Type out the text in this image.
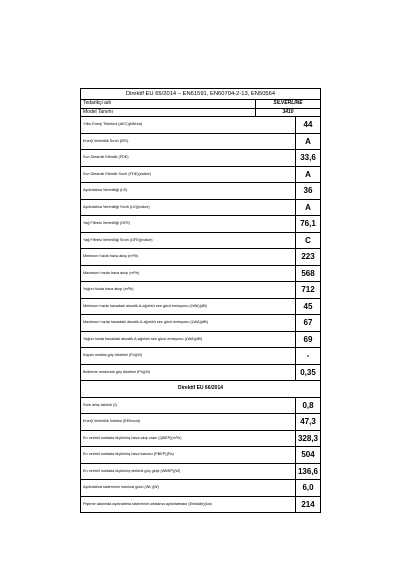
Direktif EU 65/2014 – EN61591, EN60704-2-13, EN50564
Tedarikçi adı	SILVERLINE
Model Tanımı	3410
Yıllık Enerji Tüketimi (AEC)(kWh/a)	44
Enerji Verimlilik Sınıfı (EEI)	A
Sıvı Dinamik Etkinlik (FDE)	33,6
Sıvı Dinamik Etkinlik Sınıfı (FDE)(indice)	A
Aydınlatma Verimliliği (LE)	36
Aydınlatma Verimliliği Sınıfı (LE)(indice)	A
Yağ Filtresi Verimliliği (GFE)	76,1
Yağ Filtresi Verimliliği Sınıfı (GFE)(indice)	C
Minimum hızda hava akışı (m³/h)	223
Maximum hızda hava akışı (m³/h)	568
Yoğun hızda hava akışı (m³/h)	712
Minimum hızda havadaki akustik A-ağırlıklı ses gücü emisyonu (LWA)(dB)	45
Maximum hızda havadaki akustik A-ağırlıklı ses gücü emisyonu (LWA)(dB)	67
Yoğun hızda havadaki akustik A-ağırlıklı ses gücü emisyonu (LWA)(dB)	69
Kapalı modda güç tüketimi (Po)(W)	-
Bekleme modunda güç tüketimi (Ps)(W)	0,35
Direktif EU 66/2014
Süre artış faktörü (f)	0,8
Enerji Verimlilik İndeksi (EEIhood)	47,3
En verimli noktada ölçülmüş hava akış oranı (QBEP)(m³/h)	328,3
En verimli noktada ölçülmüş hava basıncı (PBEP)(Pa)	504
En verimli noktada ölçülmüş elektrik güç girişi (WBEP)(W)	136,6
Aydınlatma sisteminin nominal gücü (WL)(W)	6,0
Pişirme alanında aydınlatma sisteminin ortalama aydınlatması (Emiddle)(lux)	214
